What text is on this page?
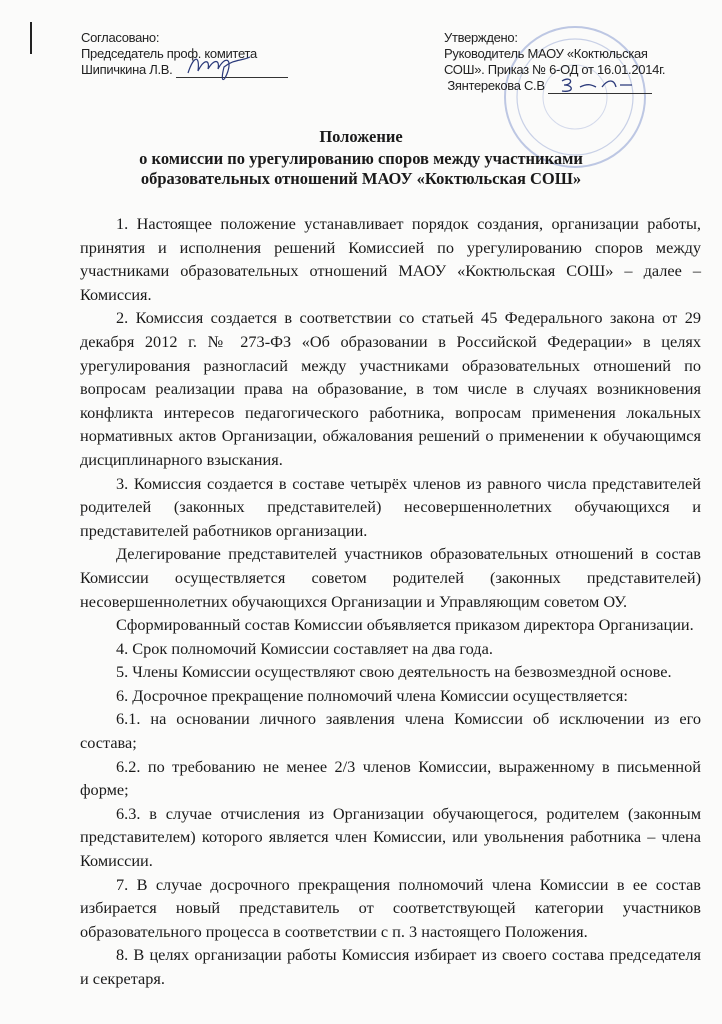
Согласовано:
Председатель проф. комитета
Шипичкина Л.В.
Утверждено:
Руководитель МАОУ «Коктюльская
СОШ». Приказ № 6-ОД от 16.01.2014г.
Зянтерекова С.В
Положение
о комиссии по урегулированию споров между участниками
образовательных отношений МАОУ «Коктюльская СОШ»

1. Настоящее положение устанавливает порядок создания, организации работы, принятия и исполнения решений Комиссией по урегулированию споров между участниками образовательных отношений МАОУ «Коктюльская СОШ» – далее – Комиссия.

2. Комиссия создается в соответствии со статьей 45 Федерального закона от 29 декабря 2012 г. № 273-ФЗ «Об образовании в Российской Федерации» в целях урегулирования разногласий между участниками образовательных отношений по вопросам реализации права на образование, в том числе в случаях возникновения конфликта интересов педагогического работника, вопросам применения локальных нормативных актов Организации, обжалования решений о применении к обучающимся дисциплинарного взыскания.

3. Комиссия создается в составе четырёх членов из равного числа представителей родителей (законных представителей) несовершеннолетних обучающихся и представителей работников организации.

Делегирование представителей участников образовательных отношений в состав Комиссии осуществляется советом родителей (законных представителей) несовершеннолетних обучающихся Организации и Управляющим советом ОУ.

Сформированный состав Комиссии объявляется приказом директора Организации.

4. Срок полномочий Комиссии составляет на два года.

5. Члены Комиссии осуществляют свою деятельность на безвозмездной основе.

6. Досрочное прекращение полномочий члена Комиссии осуществляется:

6.1. на основании личного заявления члена Комиссии об исключении из его состава;

6.2. по требованию не менее 2/3 членов Комиссии, выраженному в письменной форме;

6.3. в случае отчисления из Организации обучающегося, родителем (законным представителем) которого является член Комиссии, или увольнения работника – члена Комиссии.

7. В случае досрочного прекращения полномочий члена Комиссии в ее состав избирается новый представитель от соответствующей категории участников образовательного процесса в соответствии с п. 3 настоящего Положения.

8. В целях организации работы Комиссия избирает из своего состава председателя и секретаря.
